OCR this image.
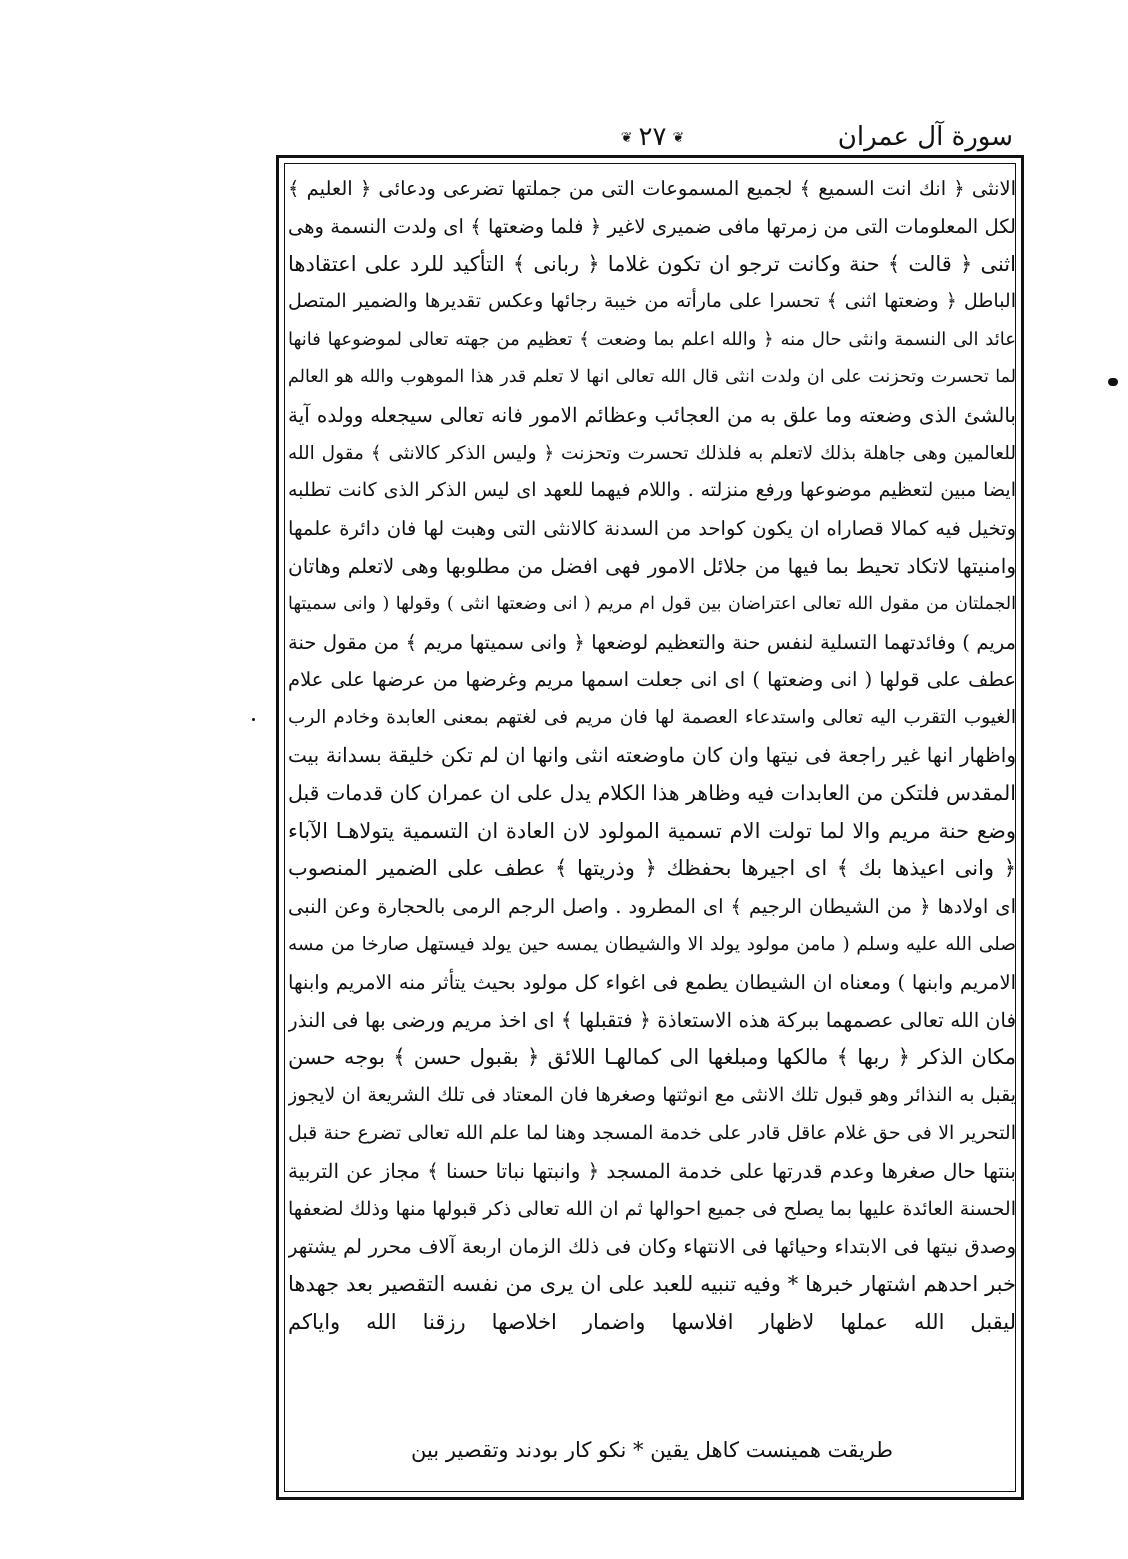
سورة آل عمران
❦٢٧❦
الانثى ﴿ انك انت السميع ﴾ لجميع المسموعات التى من جملتها تضرعى ودعائى ﴿ العليم ﴾
لكل المعلومات التى من زمرتها مافى ضميرى لاغير ﴿ فلما وضعتها ﴾ اى ولدت النسمة وهى
اثنى ﴿ قالت ﴾ حنة وكانت ترجو ان تكون غلاما ﴿ ربانى ﴾ التأكيد للرد على اعتقادها
الباطل ﴿ وضعتها اثنى ﴾ تحسرا على مارأته من خيبة رجائها وعكس تقديرها والضمير المتصل
عائد الى النسمة وانثى حال منه ﴿ والله اعلم بما وضعت ﴾ تعظيم من جهته تعالى لموضوعها فانها
لما تحسرت وتحزنت على ان ولدت انثى قال الله تعالى انها لا تعلم قدر هذا الموهوب والله هو العالم
بالشئ الذى وضعته وما علق به من العجائب وعظائم الامور فانه تعالى سيجعله وولده آية
للعالمين وهى جاهلة بذلك لاتعلم به فلذلك تحسرت وتحزنت ﴿ وليس الذكر كالانثى ﴾ مقول الله
ايضا مبين لتعظيم موضوعها ورفع منزلته . واللام فيهما للعهد اى ليس الذكر الذى كانت تطلبه
وتخيل فيه كمالا قصاراه ان يكون كواحد من السدنة كالانثى التى وهبت لها فان دائرة علمها
وامنيتها لاتكاد تحيط بما فيها من جلائل الامور فهى افضل من مطلوبها وهى لاتعلم وهاتان
الجملتان من مقول الله تعالى اعتراضان بين قول ام مريم ( انى وضعتها انثى ) وقولها ( وانى سميتها
مريم ) وفائدتهما التسلية لنفس حنة والتعظيم لوضعها ﴿ وانى سميتها مريم ﴾ من مقول حنة
عطف على قولها ( انى وضعتها ) اى انى جعلت اسمها مريم وغرضها من عرضها على علام
الغيوب التقرب اليه تعالى واستدعاء العصمة لها فان مريم فى لغتهم بمعنى العابدة وخادم الرب
واظهار انها غير راجعة فى نيتها وان كان ماوضعته انثى وانها ان لم تكن خليقة بسدانة بيت
المقدس فلتكن من العابدات فيه وظاهر هذا الكلام يدل على ان عمران كان قدمات قبل
وضع حنة مريم والا لما تولت الام تسمية المولود لان العادة ان التسمية يتولاهـا الآباء
﴿ وانى اعيذها بك ﴾ اى اجيرها بحفظك ﴿ وذريتها ﴾ عطف على الضمير المنصوب
اى اولادها ﴿ من الشيطان الرجيم ﴾ اى المطرود . واصل الرجم الرمى بالحجارة وعن النبى
صلى الله عليه وسلم ( مامن مولود يولد الا والشيطان يمسه حين يولد فيستهل صارخا من مسه
الامريم وابنها ) ومعناه ان الشيطان يطمع فى اغواء كل مولود بحيث يتأثر منه الامريم وابنها
فان الله تعالى عصمهما ببركة هذه الاستعاذة ﴿ فتقبلها ﴾ اى اخذ مريم ورضى بها فى النذر
مكان الذكر ﴿ ربها ﴾ مالكها ومبلغها الى كمالهـا اللائق ﴿ بقبول حسن ﴾ بوجه حسن
يقبل به النذائر وهو قبول تلك الانثى مع انوثتها وصغرها فان المعتاد فى تلك الشريعة ان لايجوز
التحرير الا فى حق غلام عاقل قادر على خدمة المسجد وهنا لما علم الله تعالى تضرع حنة قبل
بنتها حال صغرها وعدم قدرتها على خدمة المسجد ﴿ وانبتها نباتا حسنا ﴾ مجاز عن التربية
الحسنة العائدة عليها بما يصلح فى جميع احوالها ثم ان الله تعالى ذكر قبولها منها وذلك لضعفها
وصدق نيتها فى الابتداء وحيائها فى الانتهاء وكان فى ذلك الزمان اربعة آلاف محرر لم يشتهر
خبر احدهم اشتهار خبرها * وفيه تنبيه للعبد على ان يرى من نفسه التقصير بعد جهدها
ليقبل الله عملها لاظهار افلاسها واضمار اخلاصها رزقنا الله واياكم
طريقت همينست كاهل يقين * نكو كار بودند وتقصير بين
